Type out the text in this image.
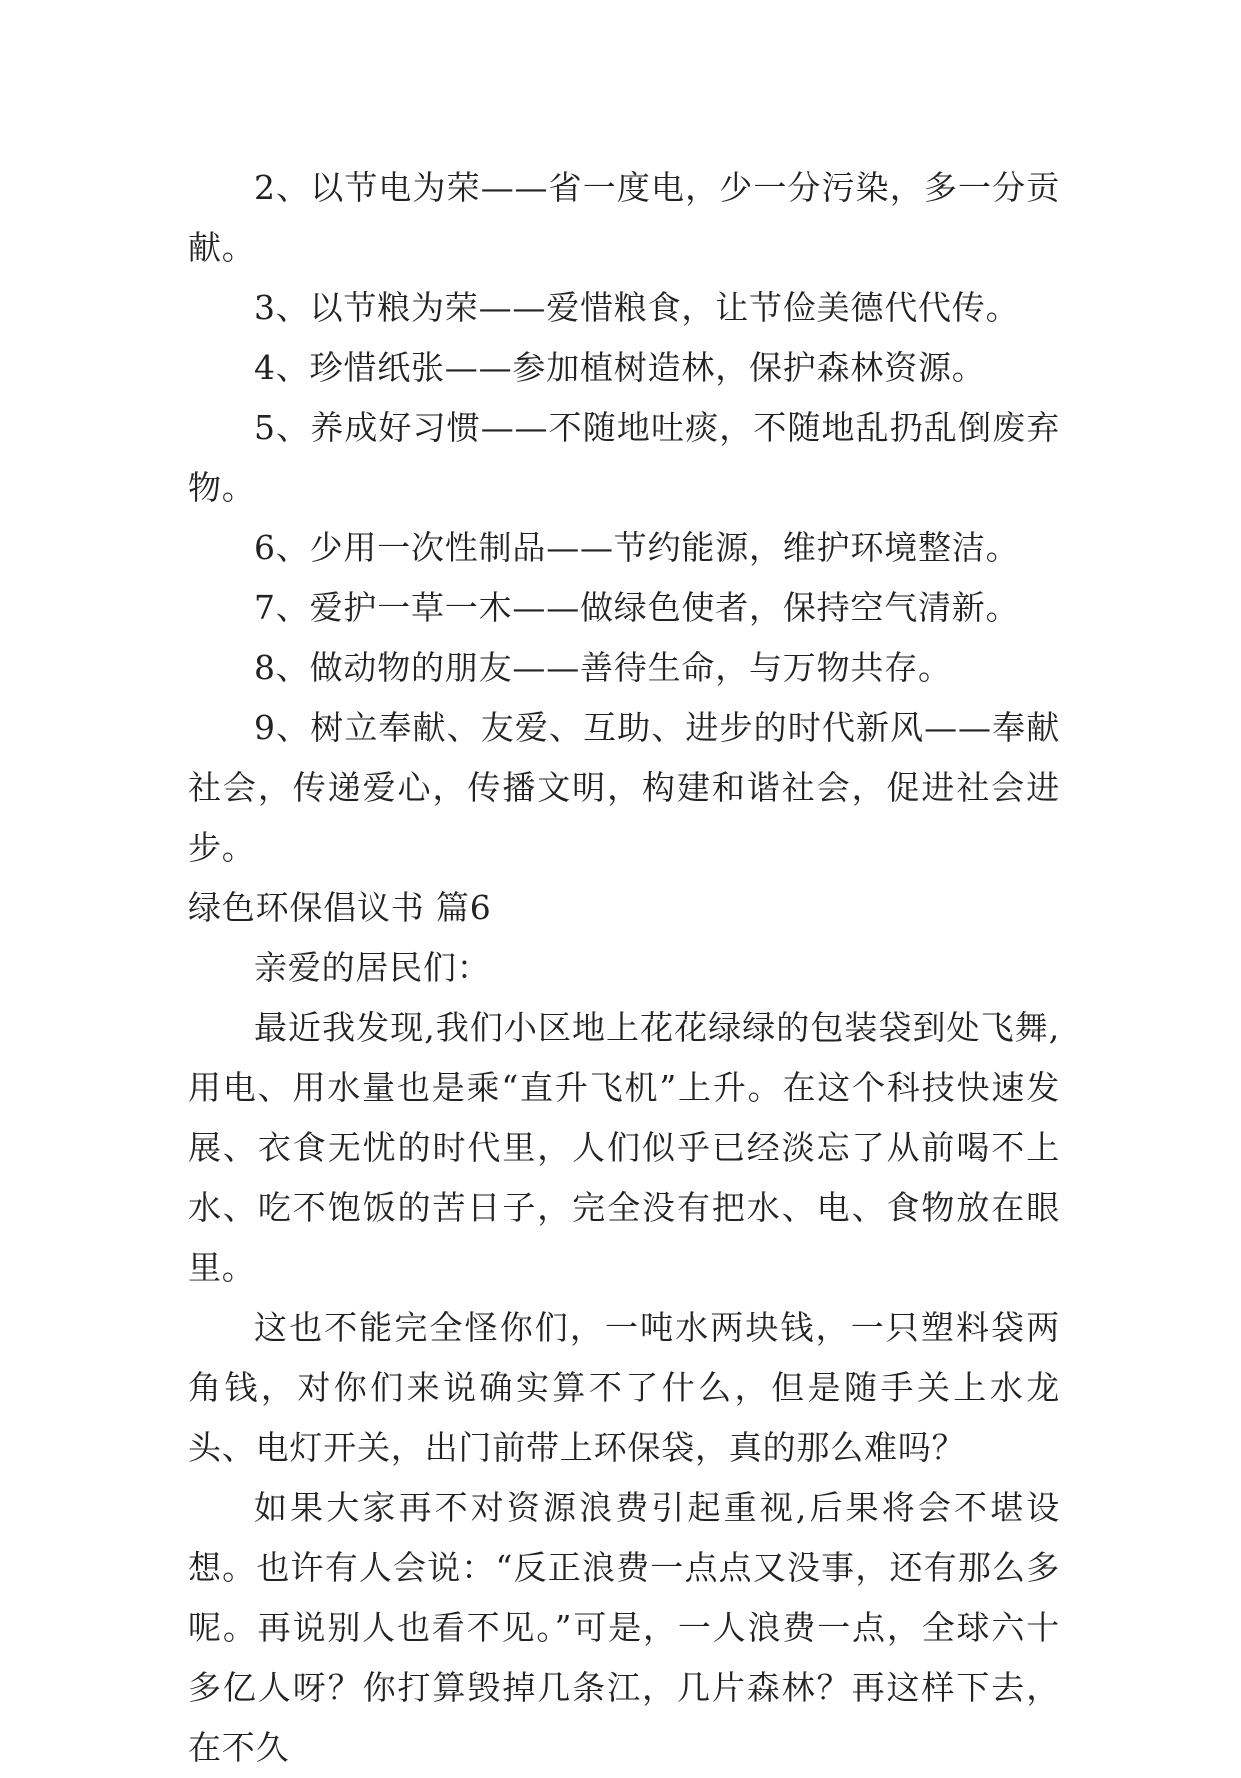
2、以节电为荣——省一度电，少一分污染，多一分贡献。

3、以节粮为荣——爱惜粮食，让节俭美德代代传。

4、珍惜纸张——参加植树造林，保护森林资源。

5、养成好习惯——不随地吐痰，不随地乱扔乱倒废弃物。

6、少用一次性制品——节约能源，维护环境整洁。

7、爱护一草一木——做绿色使者，保持空气清新。

8、做动物的朋友——善待生命，与万物共存。

9、树立奉献、友爱、互助、进步的时代新风——奉献社会，传递爱心，传播文明，构建和谐社会，促进社会进步。

绿色环保倡议书 篇6

亲爱的居民们：

最近我发现,我们小区地上花花绿绿的包装袋到处飞舞,用电、用水量也是乘“直升飞机”上升。在这个科技快速发展、衣食无忧的时代里，人们似乎已经淡忘了从前喝不上水、吃不饱饭的苦日子，完全没有把水、电、食物放在眼里。

这也不能完全怪你们，一吨水两块钱，一只塑料袋两角钱，对你们来说确实算不了什么，但是随手关上水龙头、电灯开关，出门前带上环保袋，真的那么难吗？

如果大家再不对资源浪费引起重视,后果将会不堪设想。也许有人会说：“反正浪费一点点又没事，还有那么多呢。再说别人也看不见。”可是，一人浪费一点，全球六十多亿人呀？你打算毁掉几条江，几片森林？再这样下去，在不久
